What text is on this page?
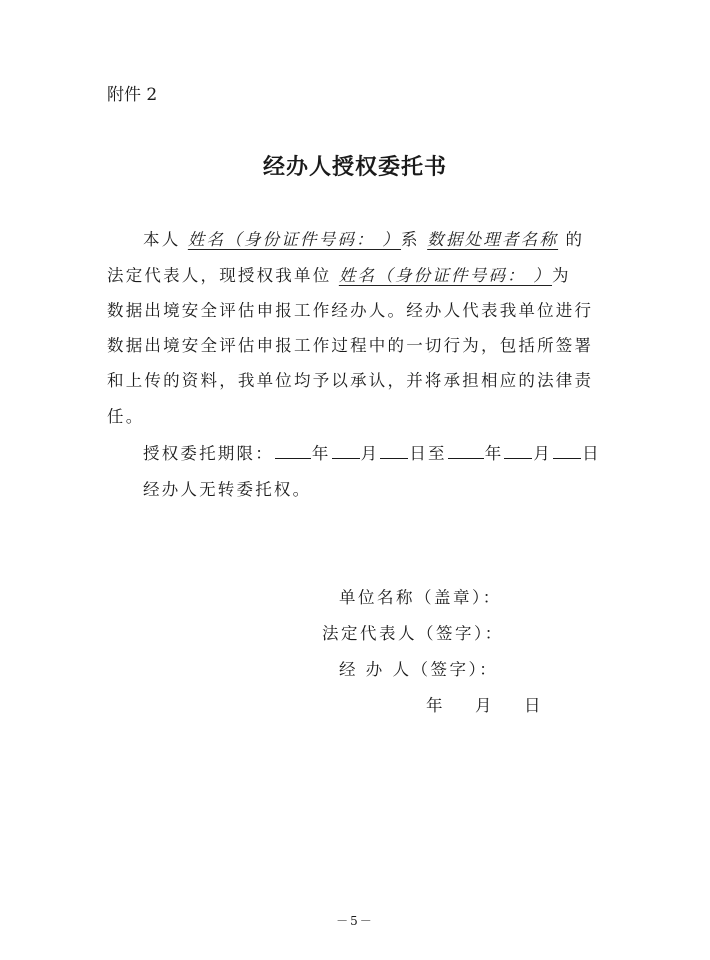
附件 2
经办人授权委托书
本人 姓名（身份证件号码： ）系 数据处理者名称 的
法定代表人，现授权我单位 姓名（身份证件号码： ）为
数据出境安全评估申报工作经办人。经办人代表我单位进行
数据出境安全评估申报工作过程中的一切行为，包括所签署
和上传的资料，我单位均予以承认，并将承担相应的法律责
任。
授权委托期限： 年 月 日至 年 月 日
经办人无转委托权。
单位名称（盖章）：
法定代表人（签字）：
经 办 人（签字）：
年 月 日
－5－
